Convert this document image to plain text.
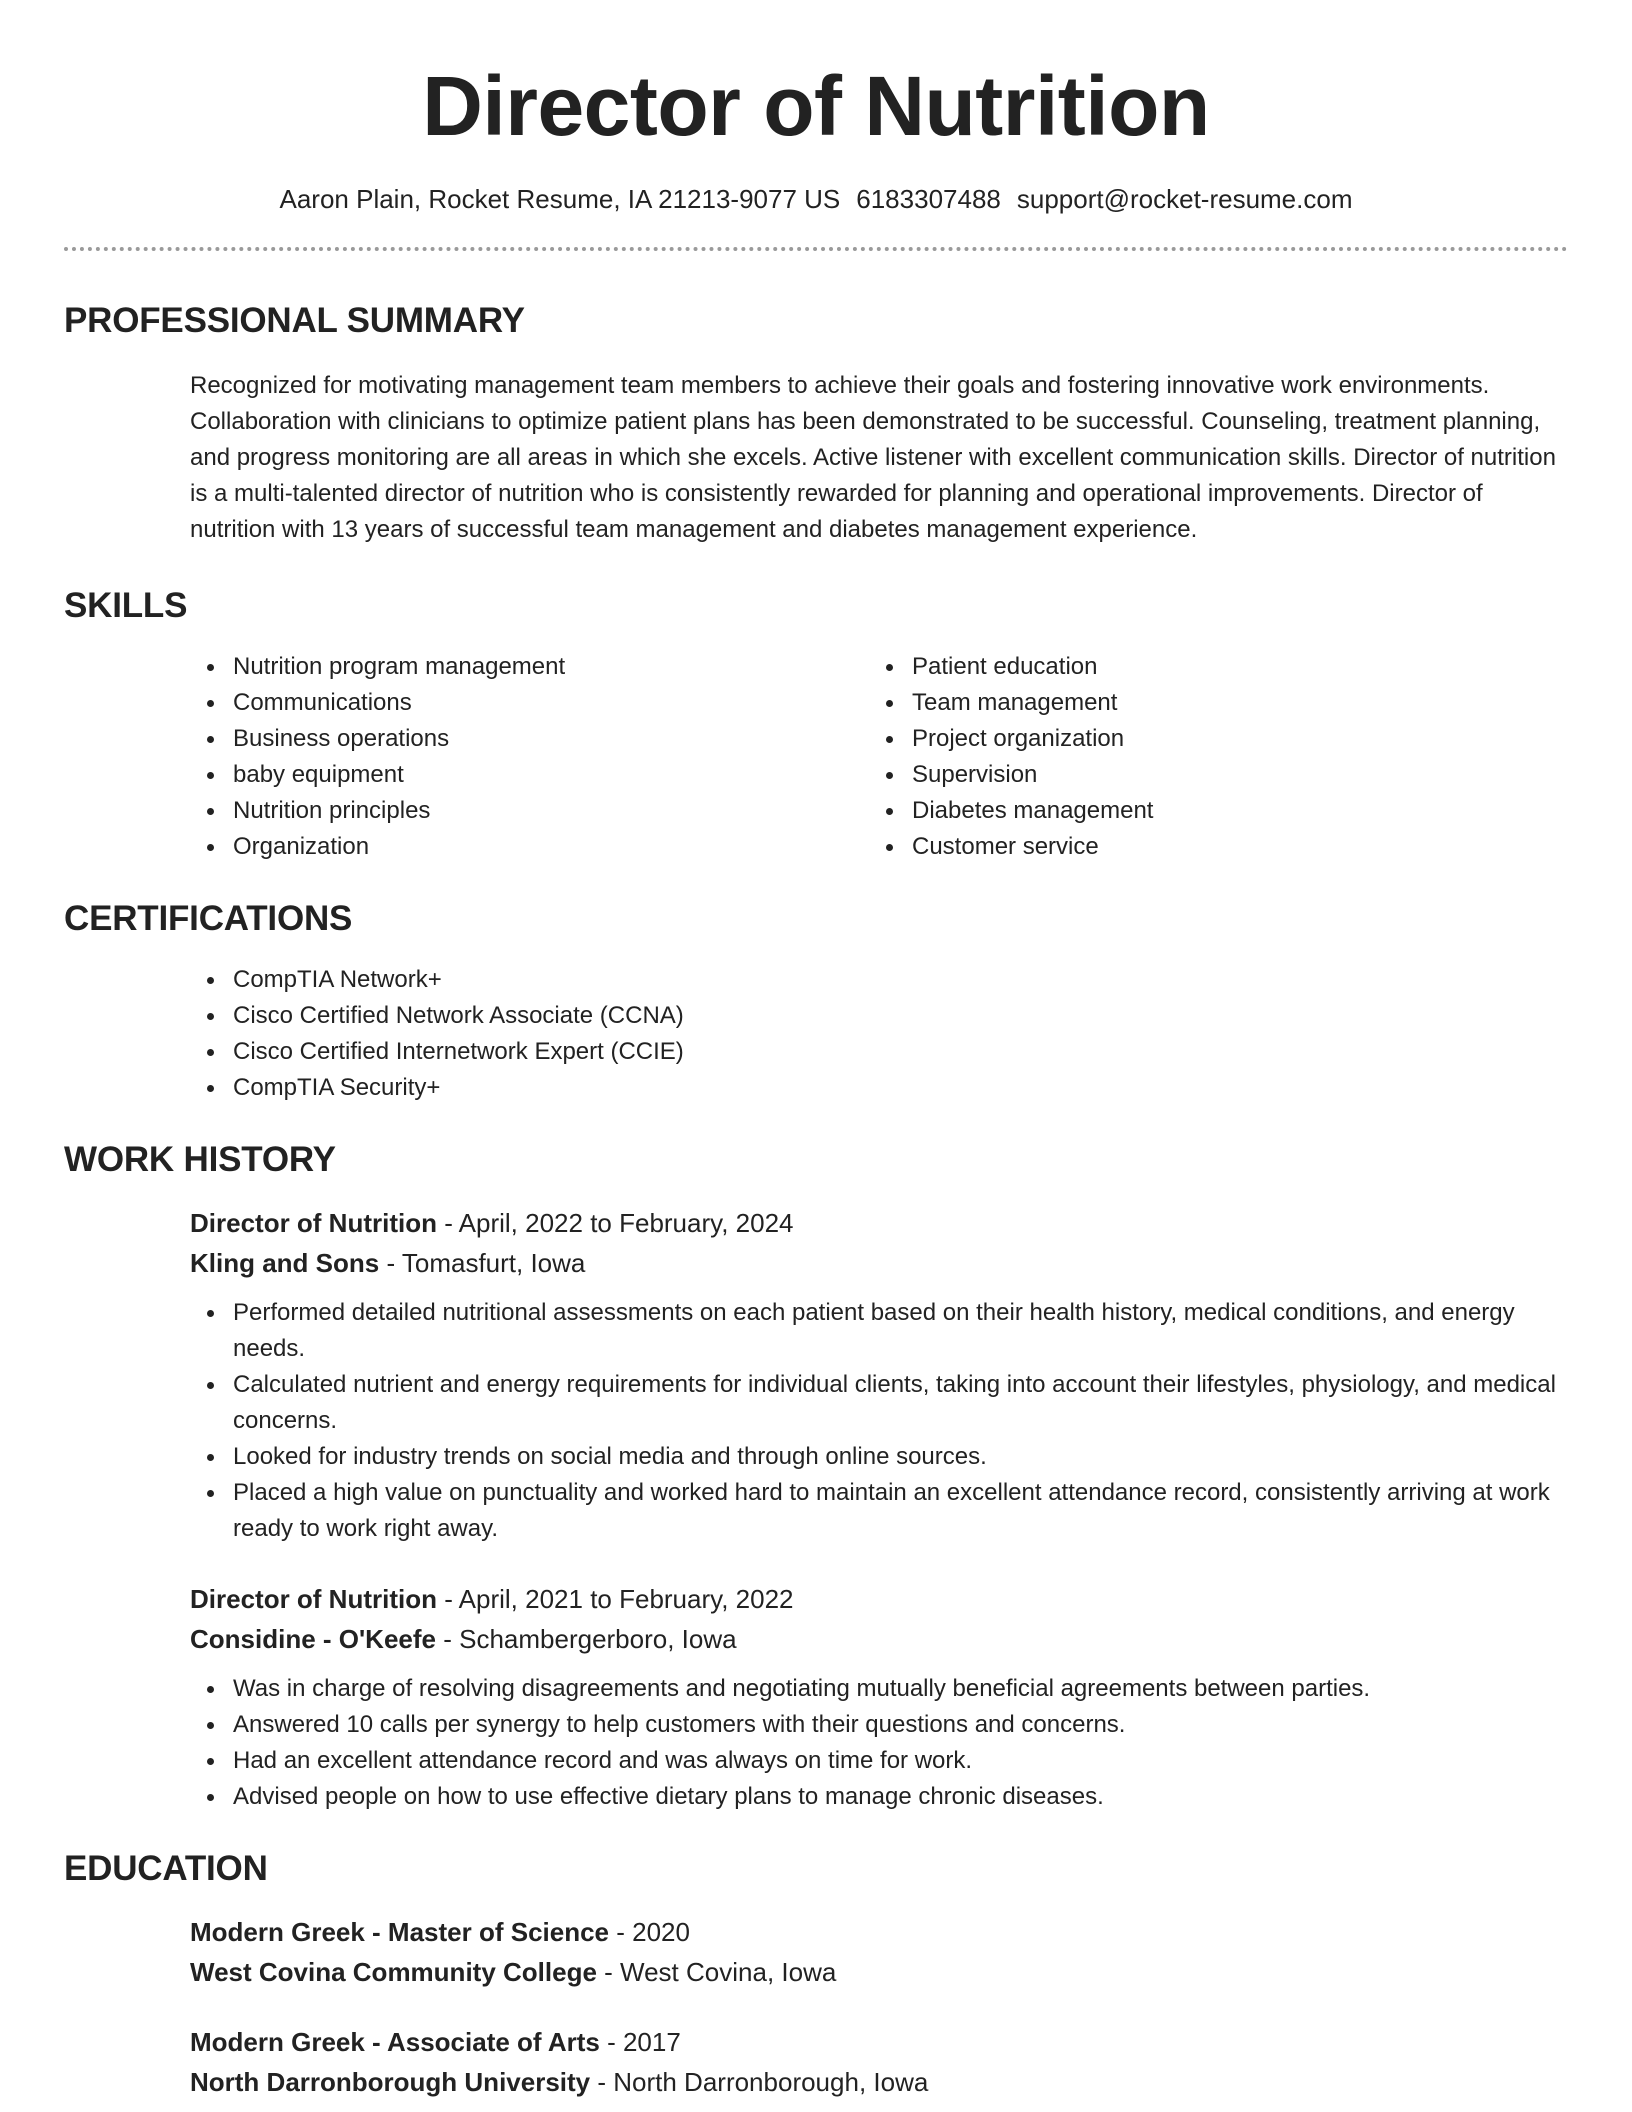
Director of Nutrition
Aaron Plain, Rocket Resume, IA 21213-9077 US 6183307488 support@rocket-resume.com
PROFESSIONAL SUMMARY

Recognized for motivating management team members to achieve their goals and fostering innovative work environments. Collaboration with clinicians to optimize patient plans has been demonstrated to be successful. Counseling, treatment planning, and progress monitoring are all areas in which she excels. Active listener with excellent communication skills. Director of nutrition is a multi-talented director of nutrition who is consistently rewarded for planning and operational improvements. Director of nutrition with 13 years of successful team management and diabetes management experience.

SKILLS
Nutrition program management
Communications
Business operations
baby equipment
Nutrition principles
Organization
Patient education
Team management
Project organization
Supervision
Diabetes management
Customer service
CERTIFICATIONS
CompTIA Network+
Cisco Certified Network Associate (CCNA)
Cisco Certified Internetwork Expert (CCIE)
CompTIA Security+
WORK HISTORY
Director of Nutrition - April, 2022 to February, 2024
Kling and Sons - Tomasfurt, Iowa
Performed detailed nutritional assessments on each patient based on their health history, medical conditions, and energy needs.
Calculated nutrient and energy requirements for individual clients, taking into account their lifestyles, physiology, and medical concerns.
Looked for industry trends on social media and through online sources.
Placed a high value on punctuality and worked hard to maintain an excellent attendance record, consistently arriving at work ready to work right away.
Director of Nutrition - April, 2021 to February, 2022
Considine - O'Keefe - Schambergerboro, Iowa
Was in charge of resolving disagreements and negotiating mutually beneficial agreements between parties.
Answered 10 calls per synergy to help customers with their questions and concerns.
Had an excellent attendance record and was always on time for work.
Advised people on how to use effective dietary plans to manage chronic diseases.
EDUCATION
Modern Greek - Master of Science - 2020
West Covina Community College - West Covina, Iowa
Modern Greek - Associate of Arts - 2017
North Darronborough University - North Darronborough, Iowa
